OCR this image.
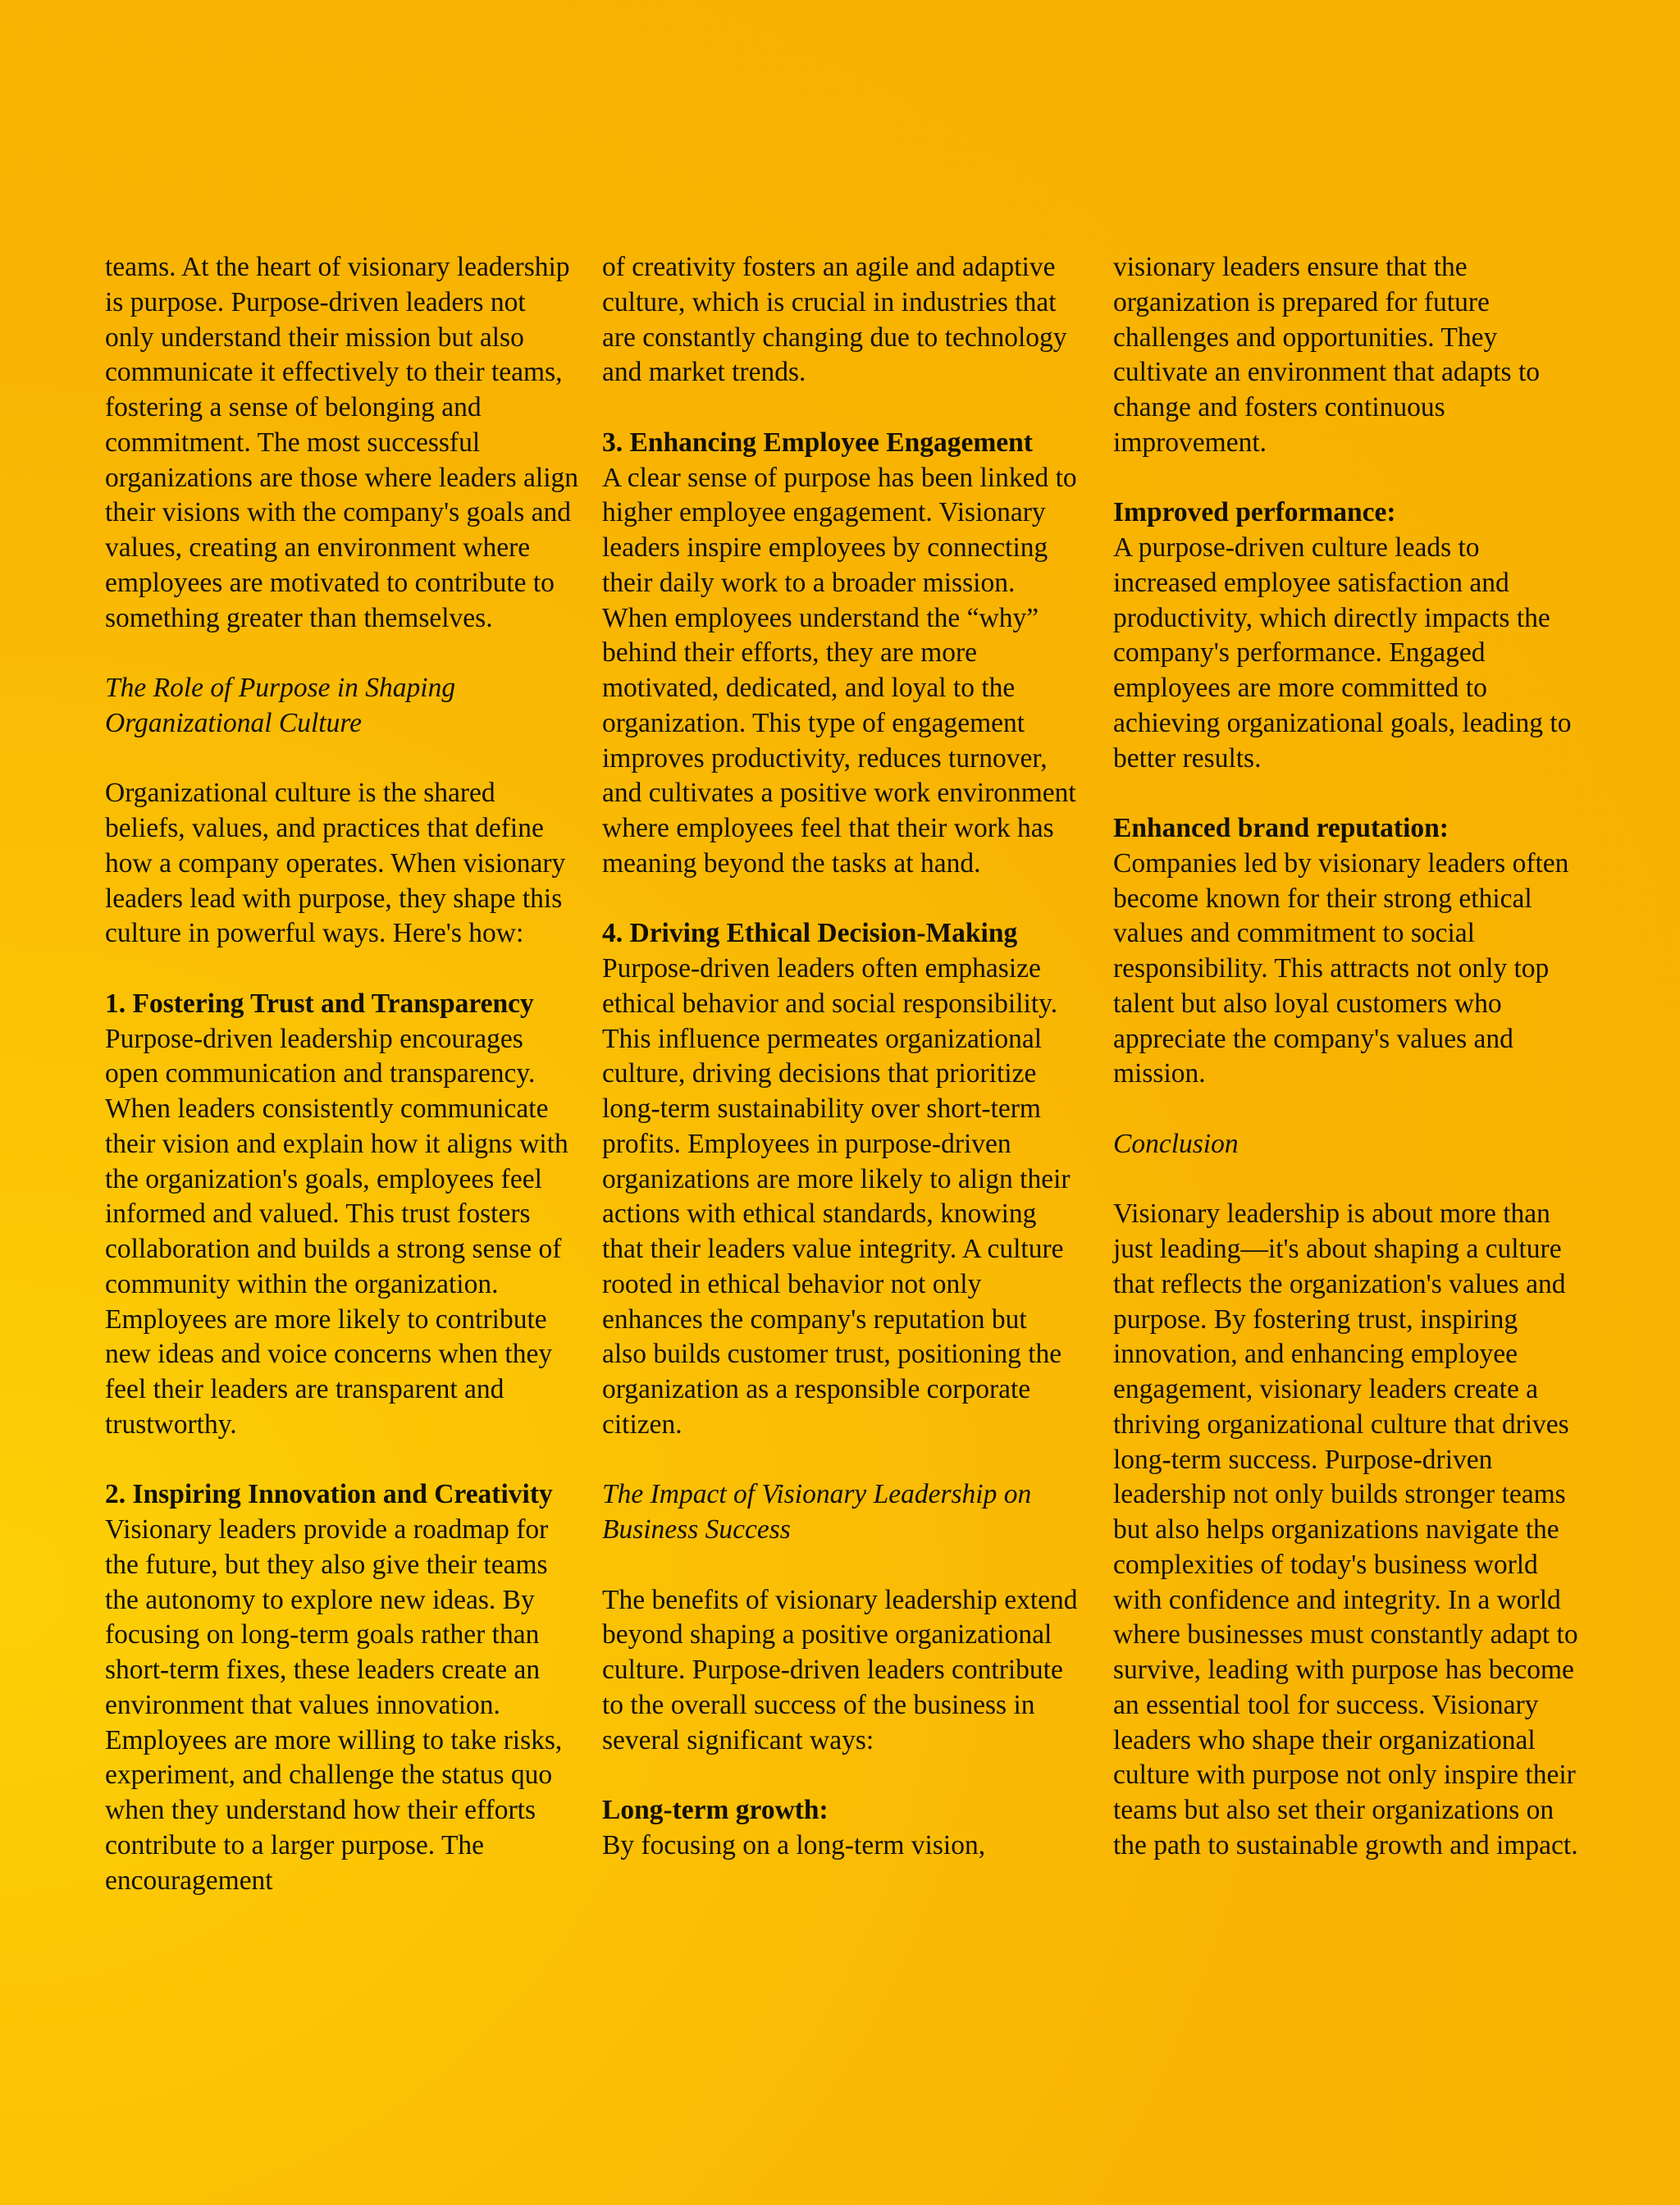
teams. At the heart of visionary leadership is purpose. Purpose-driven leaders not only understand their mission but also communicate it effectively to their teams, fostering a sense of belonging and commitment. The most successful organizations are those where leaders align their visions with the company's goals and values, creating an environment where employees are motivated to contribute to something greater than themselves.

The Role of Purpose in Shaping Organizational Culture

Organizational culture is the shared beliefs, values, and practices that define how a company operates. When visionary leaders lead with purpose, they shape this culture in powerful ways. Here's how:

1. Fostering Trust and Transparency
Purpose-driven leadership encourages open communication and transparency. When leaders consistently communicate their vision and explain how it aligns with the organization's goals, employees feel informed and valued. This trust fosters collaboration and builds a strong sense of community within the organization. Employees are more likely to contribute new ideas and voice concerns when they feel their leaders are transparent and trustworthy.

2. Inspiring Innovation and Creativity
Visionary leaders provide a roadmap for the future, but they also give their teams the autonomy to explore new ideas. By focusing on long-term goals rather than short-term fixes, these leaders create an environment that values innovation. Employees are more willing to take risks, experiment, and challenge the status quo when they understand how their efforts contribute to a larger purpose. The encouragement

of creativity fosters an agile and adaptive culture, which is crucial in industries that are constantly changing due to technology and market trends.

3. Enhancing Employee Engagement
A clear sense of purpose has been linked to higher employee engagement. Visionary leaders inspire employees by connecting their daily work to a broader mission. When employees understand the “why” behind their efforts, they are more motivated, dedicated, and loyal to the organization. This type of engagement improves productivity, reduces turnover, and cultivates a positive work environment where employees feel that their work has meaning beyond the tasks at hand.

4. Driving Ethical Decision-Making
Purpose-driven leaders often emphasize ethical behavior and social responsibility. This influence permeates organizational culture, driving decisions that prioritize long-term sustainability over short-term profits. Employees in purpose-driven organizations are more likely to align their actions with ethical standards, knowing that their leaders value integrity. A culture rooted in ethical behavior not only enhances the company's reputation but also builds customer trust, positioning the organization as a responsible corporate citizen.

The Impact of Visionary Leadership on Business Success

The benefits of visionary leadership extend beyond shaping a positive organizational culture. Purpose-driven leaders contribute to the overall success of the business in several significant ways:

Long-term growth:
By focusing on a long-term vision,

visionary leaders ensure that the organization is prepared for future challenges and opportunities. They cultivate an environment that adapts to change and fosters continuous improvement.

Improved performance:
A purpose-driven culture leads to increased employee satisfaction and productivity, which directly impacts the company's performance. Engaged employees are more committed to achieving organizational goals, leading to better results.

Enhanced brand reputation:
Companies led by visionary leaders often become known for their strong ethical values and commitment to social responsibility. This attracts not only top talent but also loyal customers who appreciate the company's values and mission.

Conclusion

Visionary leadership is about more than just leading—it's about shaping a culture that reflects the organization's values and purpose. By fostering trust, inspiring innovation, and enhancing employee engagement, visionary leaders create a thriving organizational culture that drives long-term success. Purpose-driven leadership not only builds stronger teams but also helps organizations navigate the complexities of today's business world with confidence and integrity. In a world where businesses must constantly adapt to survive, leading with purpose has become an essential tool for success. Visionary leaders who shape their organizational culture with purpose not only inspire their teams but also set their organizations on the path to sustainable growth and impact.
